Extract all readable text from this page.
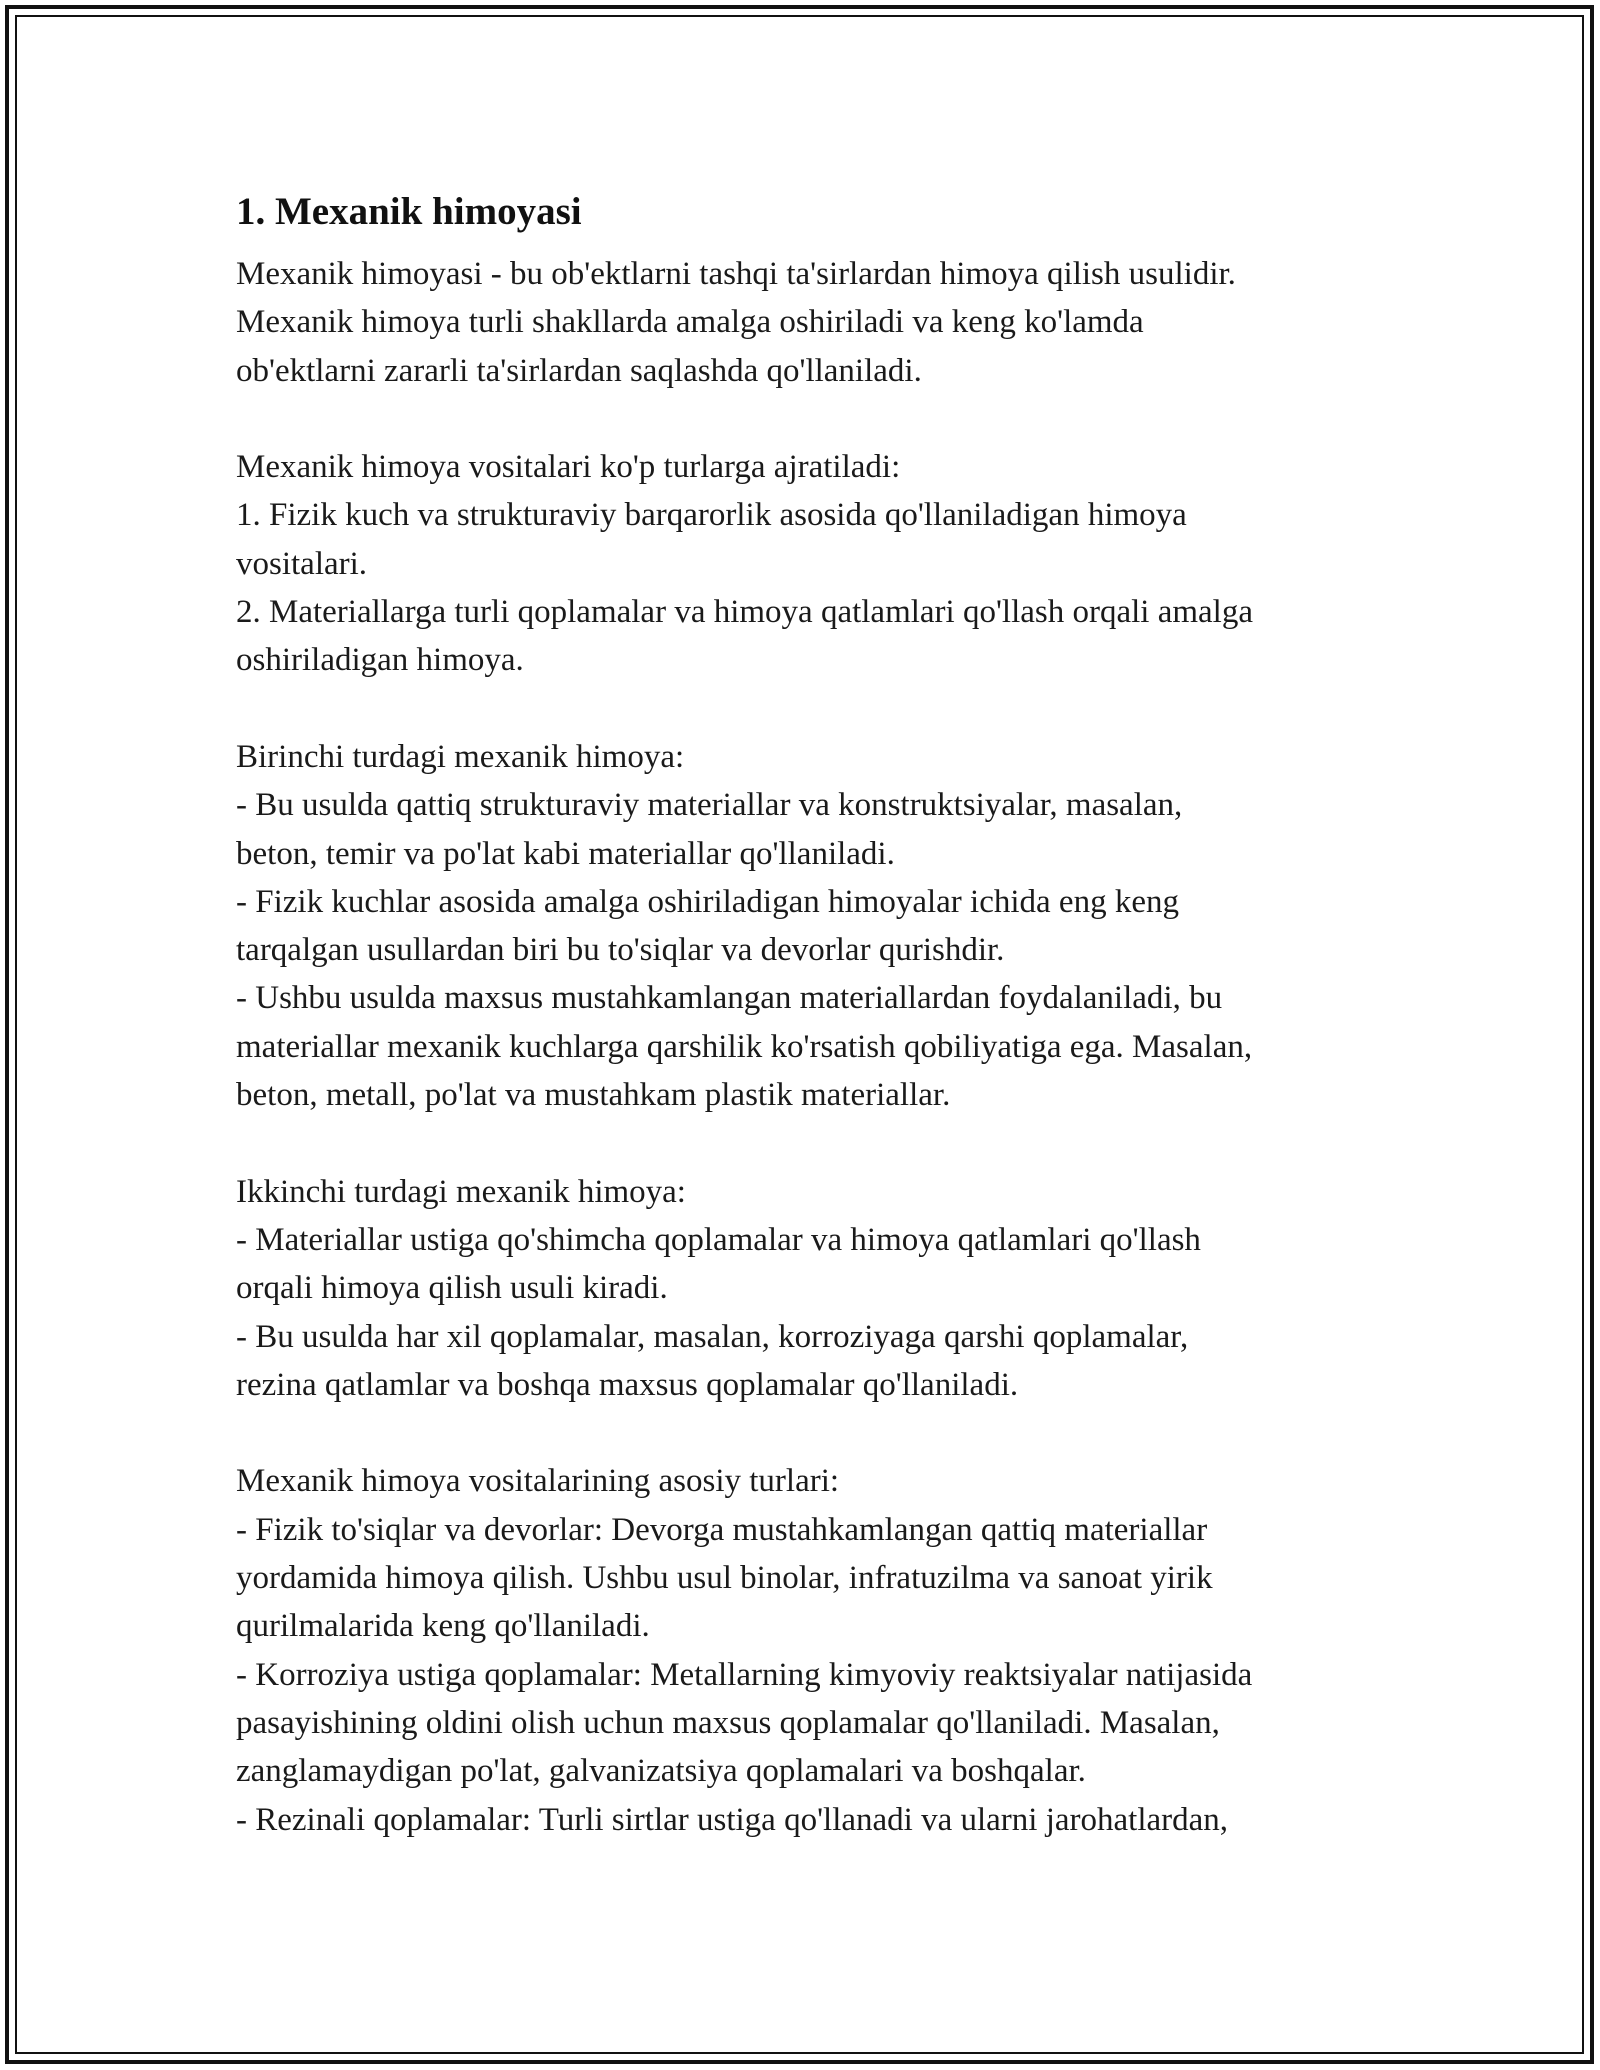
1. Mexanik himoyasi

Mexanik himoyasi - bu ob'ektlarni tashqi ta'sirlardan himoya qilish usulidir.
Mexanik himoya turli shakllarda amalga oshiriladi va keng ko'lamda
ob'ektlarni zararli ta'sirlardan saqlashda qo'llaniladi.

Mexanik himoya vositalari ko'p turlarga ajratiladi:
1. Fizik kuch va strukturaviy barqarorlik asosida qo'llaniladigan himoya
vositalari.
2. Materiallarga turli qoplamalar va himoya qatlamlari qo'llash orqali amalga
oshiriladigan himoya.

Birinchi turdagi mexanik himoya:
- Bu usulda qattiq strukturaviy materiallar va konstruktsiyalar, masalan,
beton, temir va po'lat kabi materiallar qo'llaniladi.
- Fizik kuchlar asosida amalga oshiriladigan himoyalar ichida eng keng
tarqalgan usullardan biri bu to'siqlar va devorlar qurishdir.
- Ushbu usulda maxsus mustahkamlangan materiallardan foydalaniladi, bu
materiallar mexanik kuchlarga qarshilik ko'rsatish qobiliyatiga ega. Masalan,
beton, metall, po'lat va mustahkam plastik materiallar.

Ikkinchi turdagi mexanik himoya:
- Materiallar ustiga qo'shimcha qoplamalar va himoya qatlamlari qo'llash
orqali himoya qilish usuli kiradi.
- Bu usulda har xil qoplamalar, masalan, korroziyaga qarshi qoplamalar,
rezina qatlamlar va boshqa maxsus qoplamalar qo'llaniladi.

Mexanik himoya vositalarining asosiy turlari:
- Fizik to'siqlar va devorlar: Devorga mustahkamlangan qattiq materiallar
yordamida himoya qilish. Ushbu usul binolar, infratuzilma va sanoat yirik
qurilmalarida keng qo'llaniladi.
- Korroziya ustiga qoplamalar: Metallarning kimyoviy reaktsiyalar natijasida
pasayishining oldini olish uchun maxsus qoplamalar qo'llaniladi. Masalan,
zanglamaydigan po'lat, galvanizatsiya qoplamalari va boshqalar.
- Rezinali qoplamalar: Turli sirtlar ustiga qo'llanadi va ularni jarohatlardan,
